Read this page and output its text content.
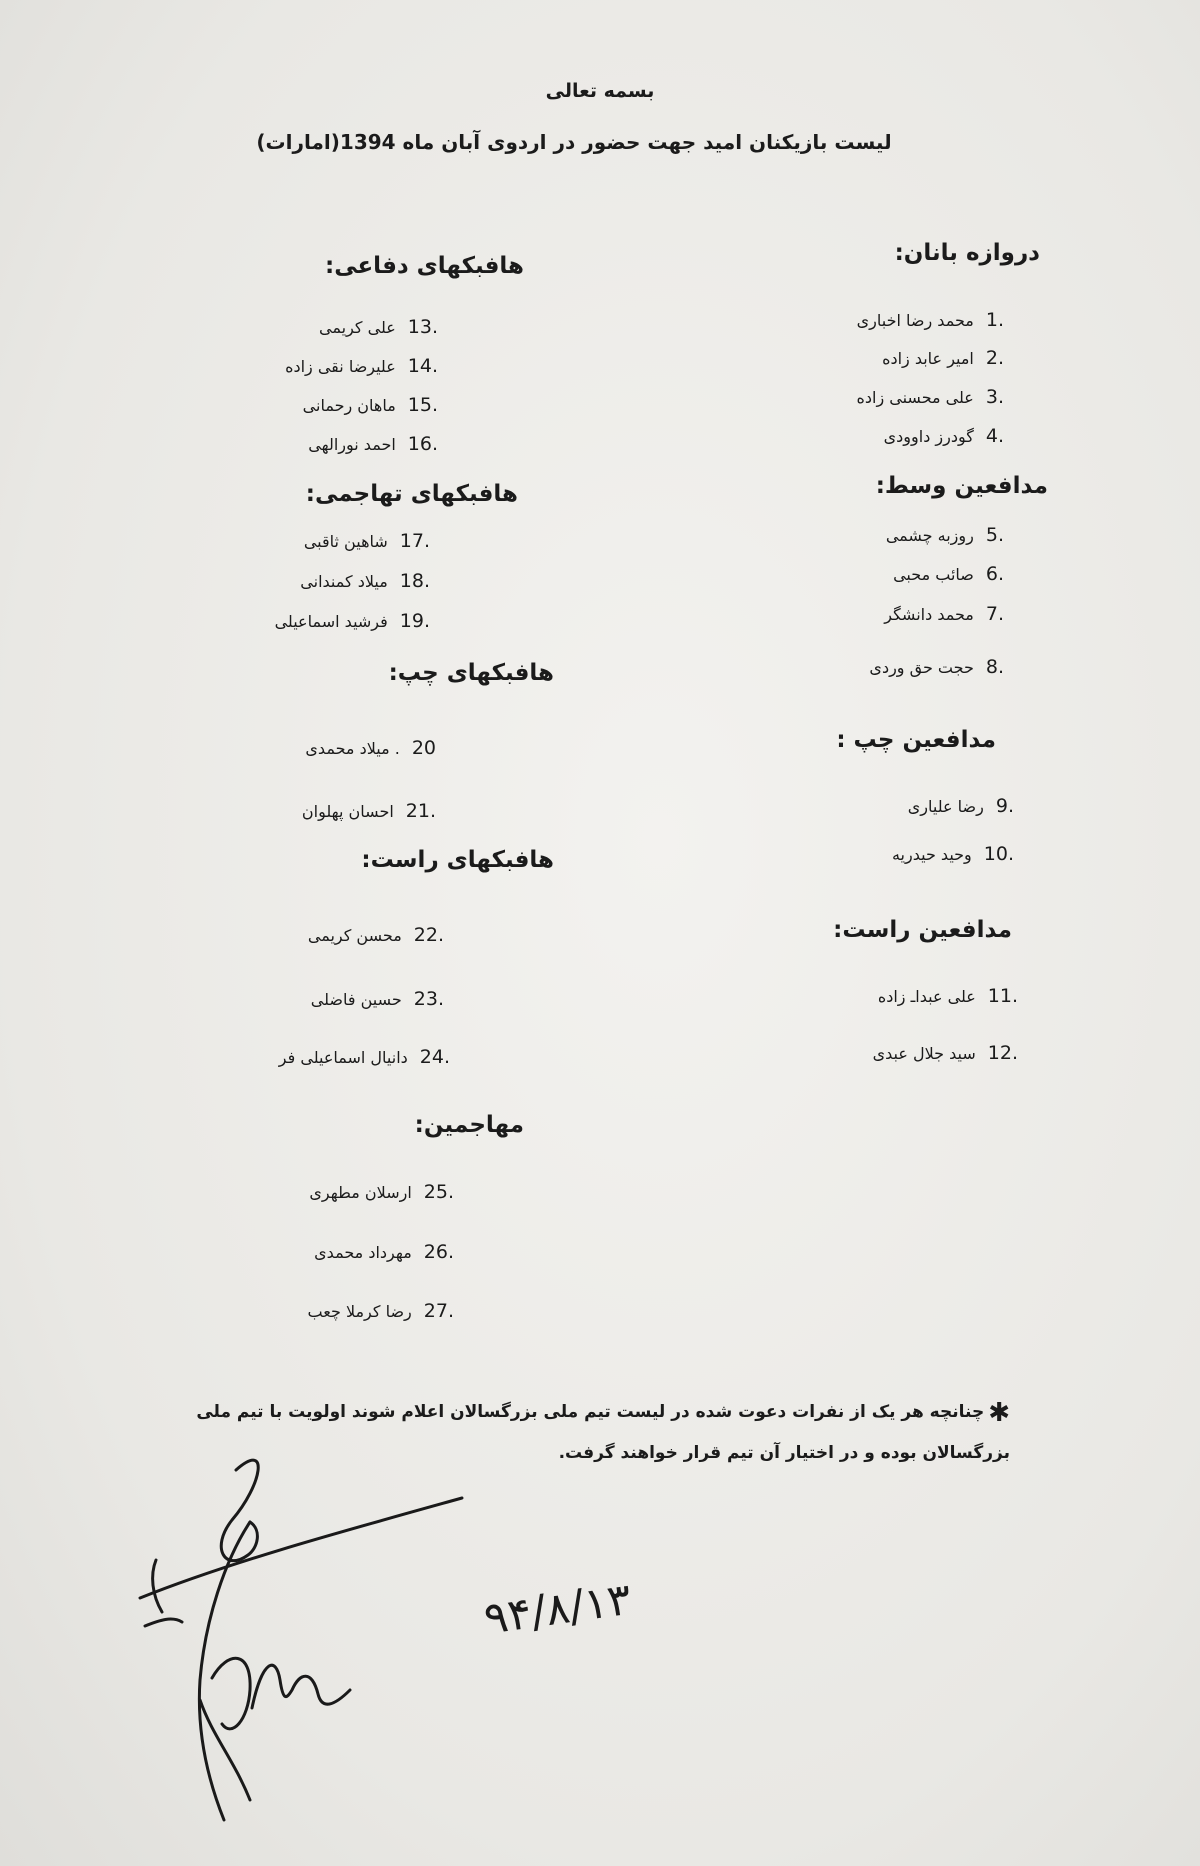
بسمه تعالی
لیست بازیکنان امید جهت حضور در اردوی آبان ماه 1394(امارات)
دروازه بانان:
1.
محمد رضا اخباری
2.
امیر عابد زاده
3.
علی محسنی زاده
4.
گودرز داوودی
مدافعین وسط:
5.
روزبه چشمی
6.
صائب محبی
7.
محمد دانشگر
8.
حجت حق وردی
مدافعین چپ :
9.
رضا علیاری
10.
وحید حیدریه
مدافعین راست:
11.
علی عبداـ زاده
12.
سید جلال عبدی
هافبکهای دفاعی:
13.
علی کریمی
14.
علیرضا نقی زاده
15.
ماهان رحمانی
16.
احمد نورالهی
هافبکهای تهاجمی:
17.
شاهین ثاقبی
18.
میلاد کمندانی
19.
فرشید اسماعیلی
هافبکهای چپ:
20
. میلاد محمدی
21.
احسان پهلوان
هافبکهای راست:
22.
محسن کریمی
23.
حسین فاضلی
24.
دانیال اسماعیلی فر
مهاجمین:
25.
ارسلان مطهری
26.
مهرداد محمدی
27.
رضا کرملا چعب
✱چنانچه هر یک از نفرات دعوت شده در لیست تیم ملی بزرگسالان اعلام شوند اولویت با تیم ملی بزرگسالان بوده و در اختیار آن تیم قرار خواهند گرفت.
۹۴/۸/۱۳
